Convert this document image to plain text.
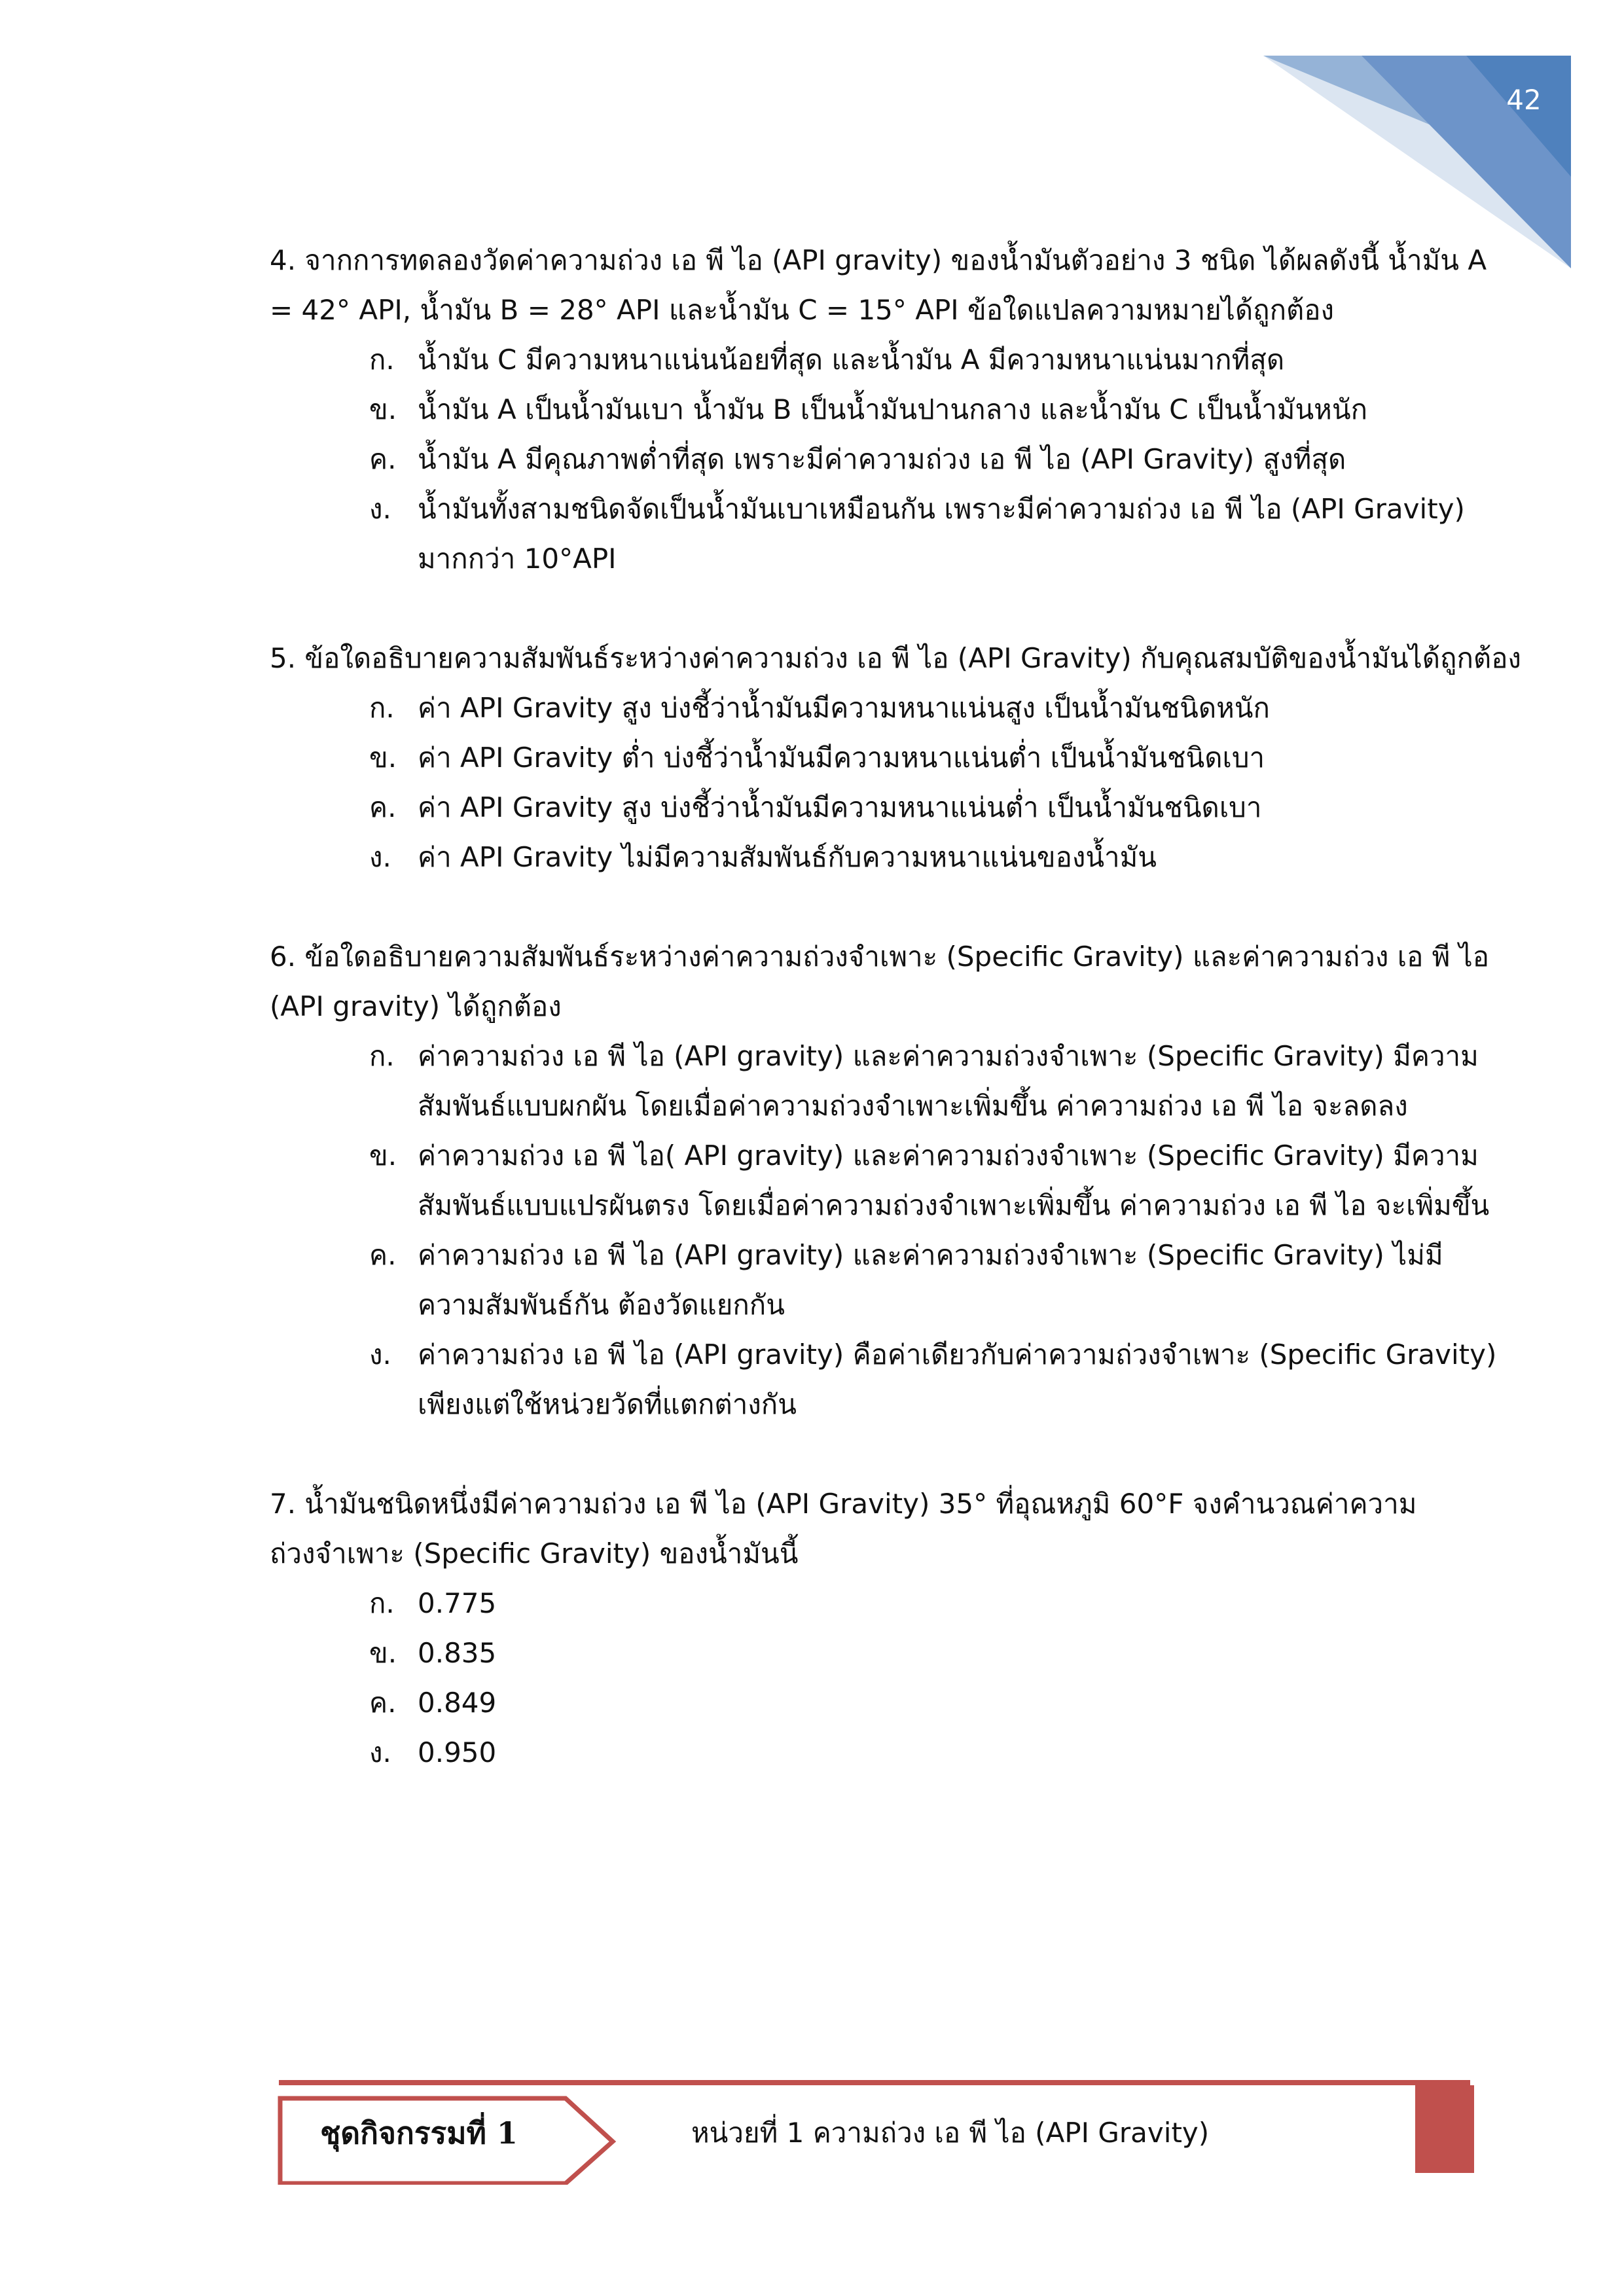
42
4. จากการทดลองวัดค่าความถ่วง เอ พี ไอ (API gravity) ของน้ำมันตัวอย่าง 3 ชนิด ได้ผลดังนี้ น้ำมัน A
= 42° API, น้ำมัน B = 28° API และน้ำมัน C = 15° API ข้อใดแปลความหมายได้ถูกต้อง
ก. น้ำมัน C มีความหนาแน่นน้อยที่สุด และน้ำมัน A มีความหนาแน่นมากที่สุด
ข. น้ำมัน A เป็นน้ำมันเบา น้ำมัน B เป็นน้ำมันปานกลาง และน้ำมัน C เป็นน้ำมันหนัก
ค. น้ำมัน A มีคุณภาพต่ำที่สุด เพราะมีค่าความถ่วง เอ พี ไอ (API Gravity) สูงที่สุด
ง. น้ำมันทั้งสามชนิดจัดเป็นน้ำมันเบาเหมือนกัน เพราะมีค่าความถ่วง เอ พี ไอ (API Gravity) มากกว่า 10°API
5. ข้อใดอธิบายความสัมพันธ์ระหว่างค่าความถ่วง เอ พี ไอ (API Gravity) กับคุณสมบัติของน้ำมันได้ถูกต้อง
ก. ค่า API Gravity สูง บ่งชี้ว่าน้ำมันมีความหนาแน่นสูง เป็นน้ำมันชนิดหนัก
ข. ค่า API Gravity ต่ำ บ่งชี้ว่าน้ำมันมีความหนาแน่นต่ำ เป็นน้ำมันชนิดเบา
ค. ค่า API Gravity สูง บ่งชี้ว่าน้ำมันมีความหนาแน่นต่ำ เป็นน้ำมันชนิดเบา
ง. ค่า API Gravity ไม่มีความสัมพันธ์กับความหนาแน่นของน้ำมัน
6. ข้อใดอธิบายความสัมพันธ์ระหว่างค่าความถ่วงจำเพาะ (Specific Gravity) และค่าความถ่วง เอ พี ไอ
(API gravity) ได้ถูกต้อง
ก. ค่าความถ่วง เอ พี ไอ (API gravity) และค่าความถ่วงจำเพาะ (Specific Gravity) มีความสัมพันธ์แบบผกผัน โดยเมื่อค่าความถ่วงจำเพาะเพิ่มขึ้น ค่าความถ่วง เอ พี ไอ จะลดลง
ข. ค่าความถ่วง เอ พี ไอ( API gravity) และค่าความถ่วงจำเพาะ (Specific Gravity) มีความสัมพันธ์แบบแปรผันตรง โดยเมื่อค่าความถ่วงจำเพาะเพิ่มขึ้น ค่าความถ่วง เอ พี ไอ จะเพิ่มขึ้น
ค. ค่าความถ่วง เอ พี ไอ (API gravity) และค่าความถ่วงจำเพาะ (Specific Gravity) ไม่มีความสัมพันธ์กัน ต้องวัดแยกกัน
ง. ค่าความถ่วง เอ พี ไอ (API gravity) คือค่าเดียวกับค่าความถ่วงจำเพาะ (Specific Gravity) เพียงแต่ใช้หน่วยวัดที่แตกต่างกัน
7. น้ำมันชนิดหนึ่งมีค่าความถ่วง เอ พี ไอ (API Gravity) 35° ที่อุณหภูมิ 60°F จงคำนวณค่าความ
ถ่วงจำเพาะ (Specific Gravity) ของน้ำมันนี้
ก. 0.775
ข. 0.835
ค. 0.849
ง. 0.950
ชุดกิจกรรมที่ 1	หน่วยที่ 1 ความถ่วง เอ พี ไอ (API Gravity)
